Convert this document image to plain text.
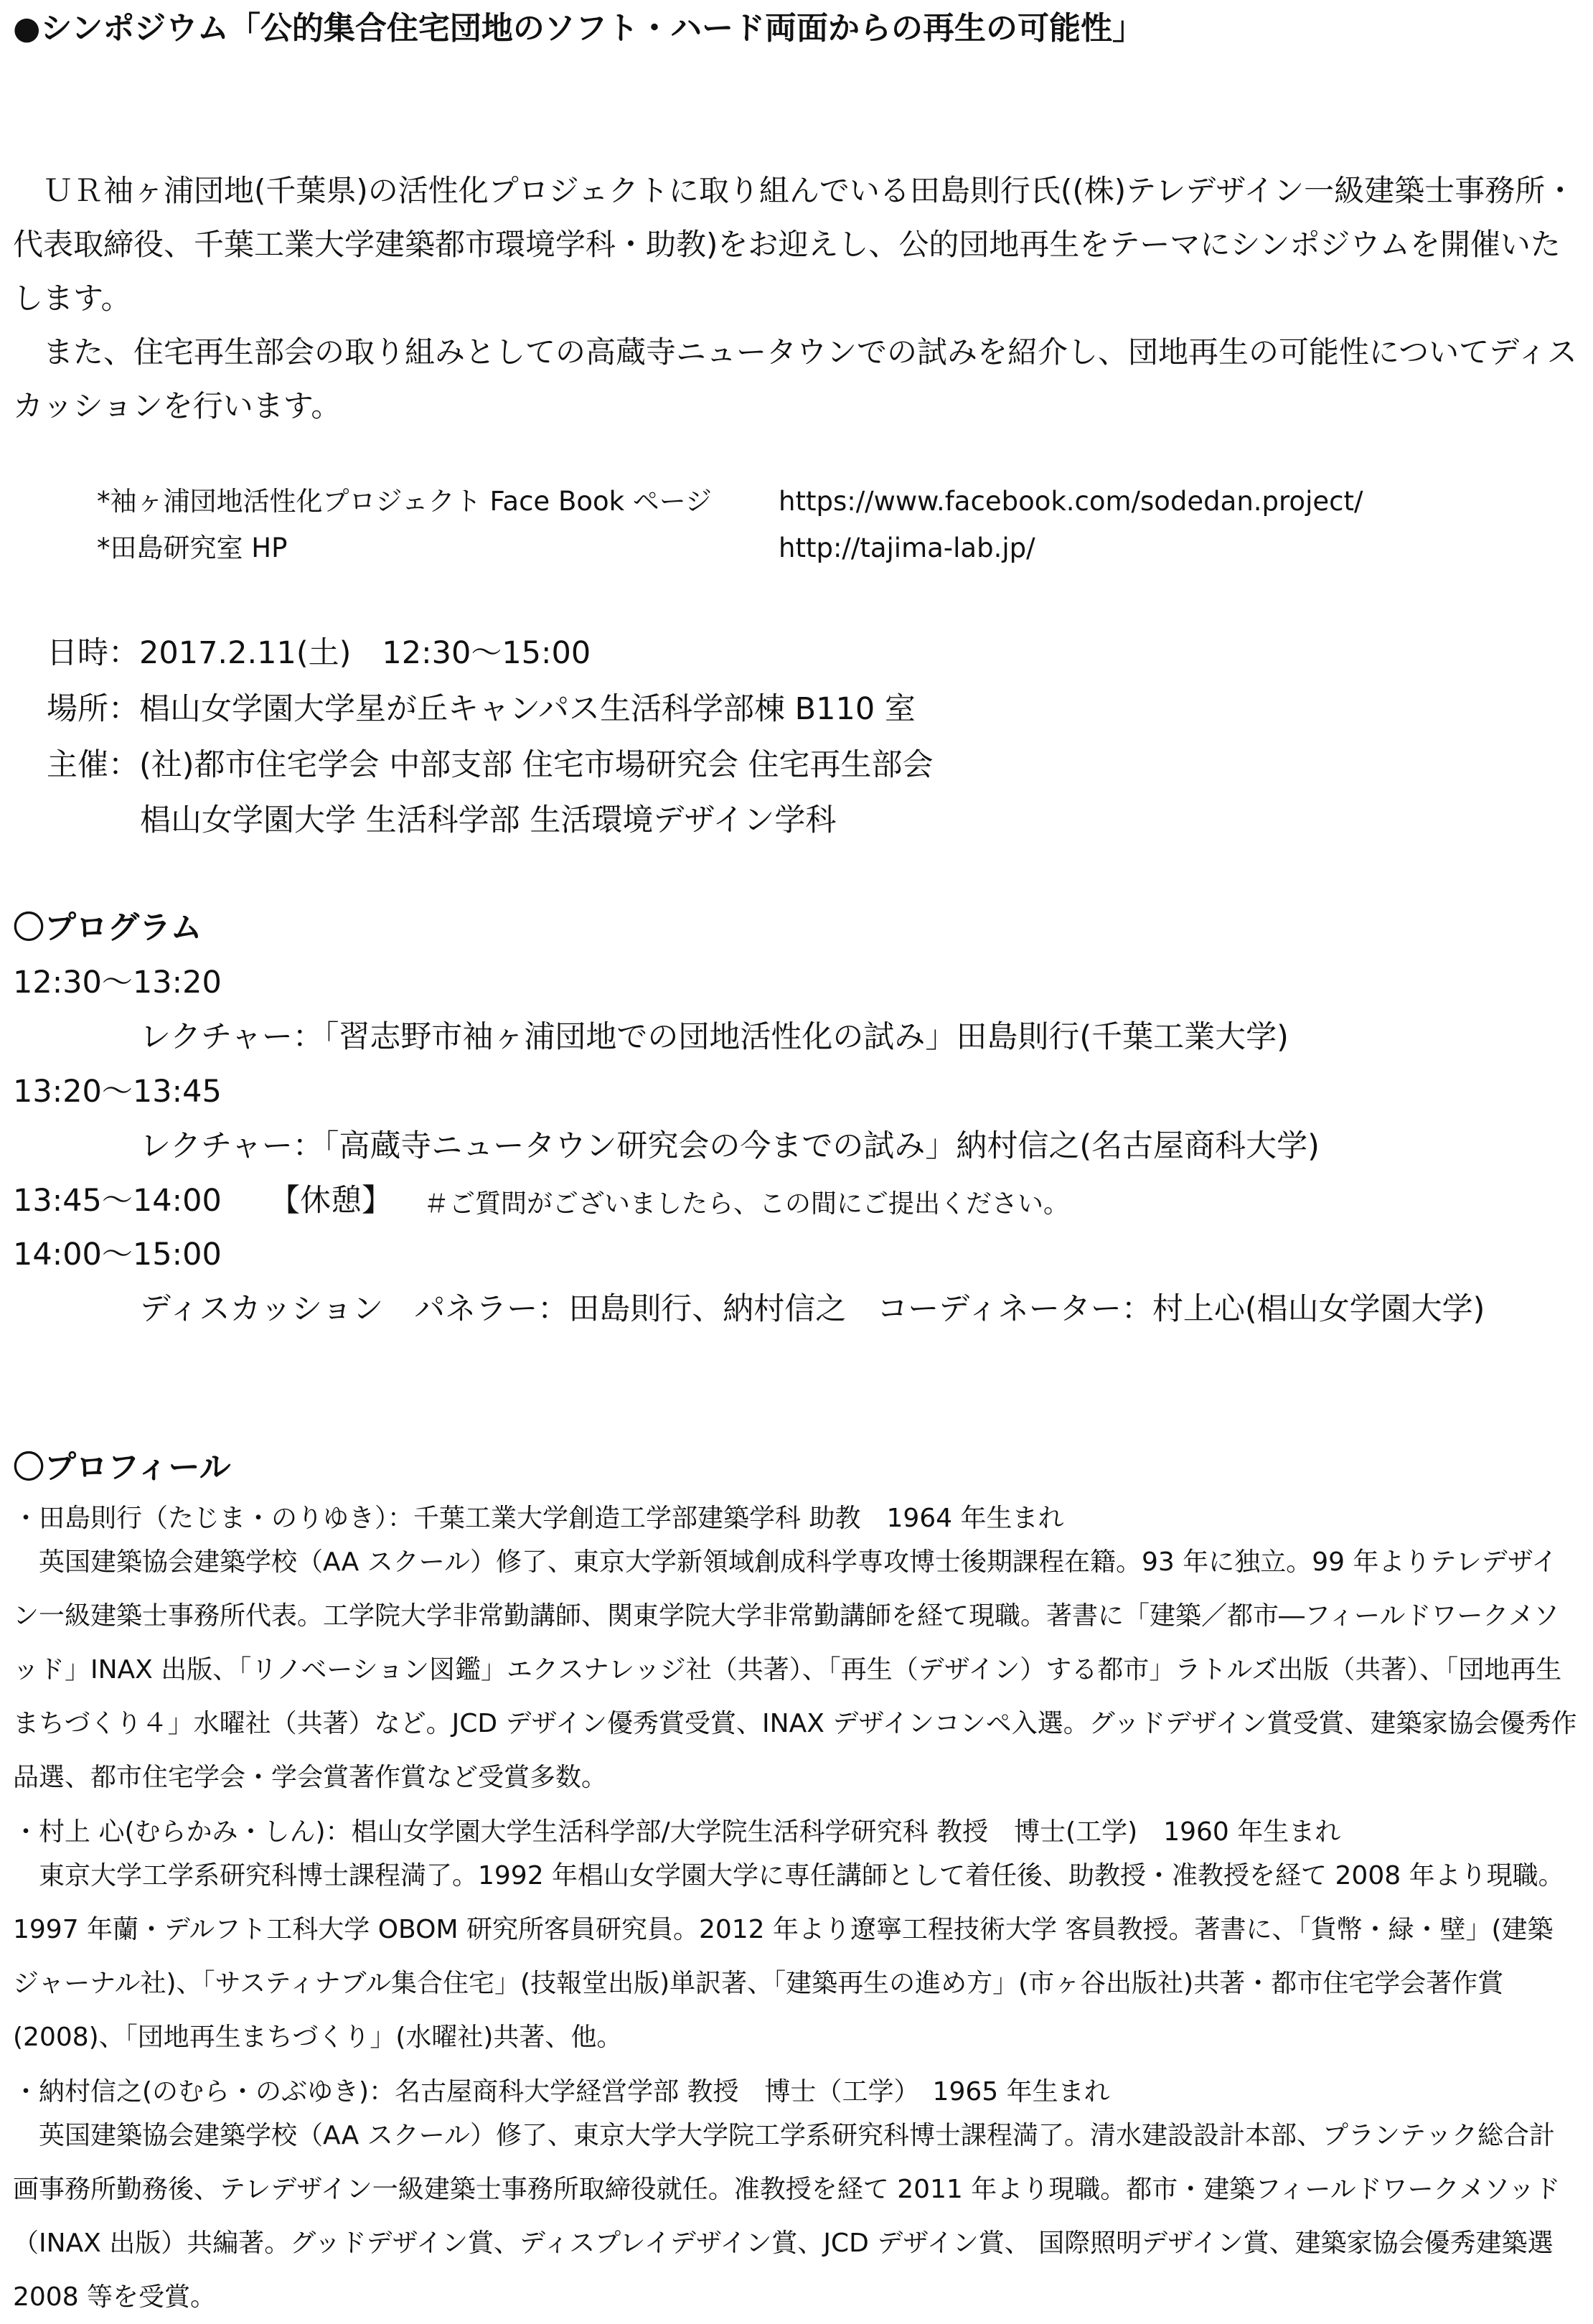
●シンポジウム「公的集合住宅団地のソフト・ハード両面からの再生の可能性」

　ＵＲ袖ヶ浦団地(千葉県)の活性化プロジェクトに取り組んでいる田島則行氏((株)テレデザイン一級建築士事務所・代表取締役、千葉工業大学建築都市環境学科・助教)をお迎えし、公的団地再生をテーマにシンポジウムを開催いたします。

　また、住宅再生部会の取り組みとしての高蔵寺ニュータウンでの試みを紹介し、団地再生の可能性についてディスカッションを行います。

*袖ヶ浦団地活性化プロジェクト Face Book ページ	https://www.facebook.com/sodedan.project/
*田島研究室 HP	http://tajima-lab.jp/
日時：2017.2.11(土)　12:30～15:00
場所：椙山女学園大学星が丘キャンパス生活科学部棟 B110 室
主催：(社)都市住宅学会 中部支部 住宅市場研究会 住宅再生部会
椙山女学園大学 生活科学部 生活環境デザイン学科
〇プログラム
12:30～13:20
レクチャー：「習志野市袖ヶ浦団地での団地活性化の試み」田島則行(千葉工業大学)
13:20～13:45
レクチャー：「高蔵寺ニュータウン研究会の今までの試み」納村信之(名古屋商科大学)
13:45～14:00 【休憩】 ＃ご質問がございましたら、この間にご提出ください。
14:00～15:00
ディスカッション　パネラー：田島則行、納村信之　コーディネーター：村上心(椙山女学園大学)
〇プロフィール
・田島則行（たじま・のりゆき）：千葉工業大学創造工学部建築学科 助教　1964 年生まれ

　英国建築協会建築学校（AA スクール）修了、東京大学新領域創成科学専攻博士後期課程在籍。93 年に独立。99 年よりテレデザイン一級建築士事務所代表。工学院大学非常勤講師、関東学院大学非常勤講師を経て現職。著書に「建築／都市―フィールドワークメソッド」INAX 出版、「リノベーション図鑑」エクスナレッジ社（共著）、「再生（デザイン）する都市」ラトルズ出版（共著）、「団地再生まちづくり４」水曜社（共著）など。JCD デザイン優秀賞受賞、INAX デザインコンペ入選。グッドデザイン賞受賞、建築家協会優秀作品選、都市住宅学会・学会賞著作賞など受賞多数。

・村上 心(むらかみ・しん)：椙山女学園大学生活科学部/大学院生活科学研究科 教授　博士(工学)　1960 年生まれ

　東京大学工学系研究科博士課程満了。1992 年椙山女学園大学に専任講師として着任後、助教授・准教授を経て 2008 年より現職。1997 年蘭・デルフト工科大学 OBOM 研究所客員研究員。2012 年より遼寧工程技術大学 客員教授。著書に、「貨幣・緑・壁」(建築ジャーナル社)、「サスティナブル集合住宅」(技報堂出版)単訳著、「建築再生の進め方」(市ヶ谷出版社)共著・都市住宅学会著作賞(2008)、「団地再生まちづくり」(水曜社)共著、他。

・納村信之(のむら・のぶゆき)：名古屋商科大学経営学部 教授　博士（工学）　1965 年生まれ

　英国建築協会建築学校（AA スクール）修了、東京大学大学院工学系研究科博士課程満了。清水建設設計本部、プランテック総合計画事務所勤務後、テレデザイン一級建築士事務所取締役就任。准教授を経て 2011 年より現職。都市・建築フィールドワークメソッド（INAX 出版）共編著。グッドデザイン賞、ディスプレイデザイン賞、JCD デザイン賞、 国際照明デザイン賞、建築家協会優秀建築選 2008 等を受賞。
